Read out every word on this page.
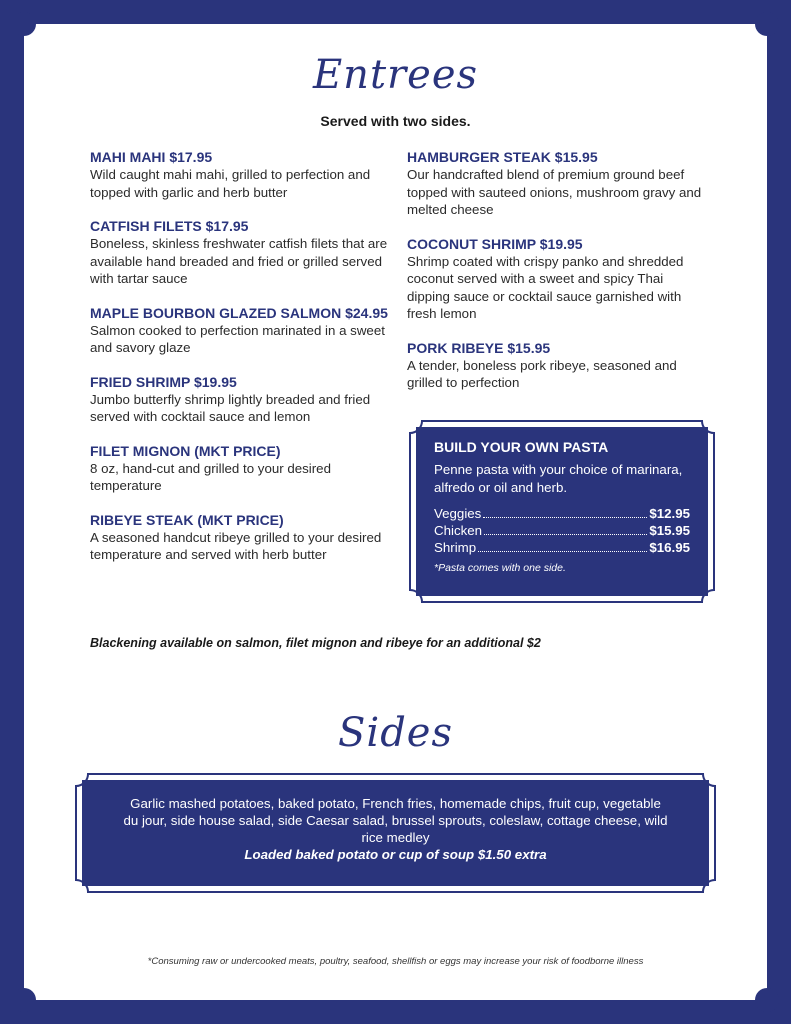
Entrees
Served with two sides.
MAHI MAHI $17.95
Wild caught mahi mahi, grilled to perfection and topped with garlic and herb butter
CATFISH FILETS $17.95
Boneless, skinless freshwater catfish filets that are available hand breaded and fried or grilled served with tartar sauce
MAPLE BOURBON GLAZED SALMON $24.95
Salmon cooked to perfection marinated in a sweet and savory glaze
FRIED SHRIMP $19.95
Jumbo butterfly shrimp lightly breaded and fried served with cocktail sauce and lemon
FILET MIGNON (MKT PRICE)
8 oz, hand-cut and grilled to your desired temperature
RIBEYE STEAK (MKT PRICE)
A seasoned handcut ribeye grilled to your desired temperature and served with herb butter
HAMBURGER STEAK $15.95
Our handcrafted blend of premium ground beef topped with sauteed onions, mushroom gravy and melted cheese
COCONUT SHRIMP $19.95
Shrimp coated with crispy panko and shredded coconut served with a sweet and spicy Thai dipping sauce or cocktail sauce garnished with fresh lemon
PORK RIBEYE $15.95
A tender, boneless pork ribeye, seasoned and grilled to perfection
BUILD YOUR OWN PASTA
Penne pasta with your choice of marinara, alfredo or oil and herb.
Veggies	$12.95
Chicken	$15.95
Shrimp	$16.95
*Pasta comes with one side.
Blackening available on salmon, filet mignon and ribeye for an additional $2
Sides
Garlic mashed potatoes, baked potato, French fries, homemade chips, fruit cup, vegetable du jour, side house salad, side Caesar salad, brussel sprouts, coleslaw, cottage cheese, wild rice medley
Loaded baked potato or cup of soup $1.50 extra
*Consuming raw or undercooked meats, poultry, seafood, shellfish or eggs may increase your risk of foodborne illness
